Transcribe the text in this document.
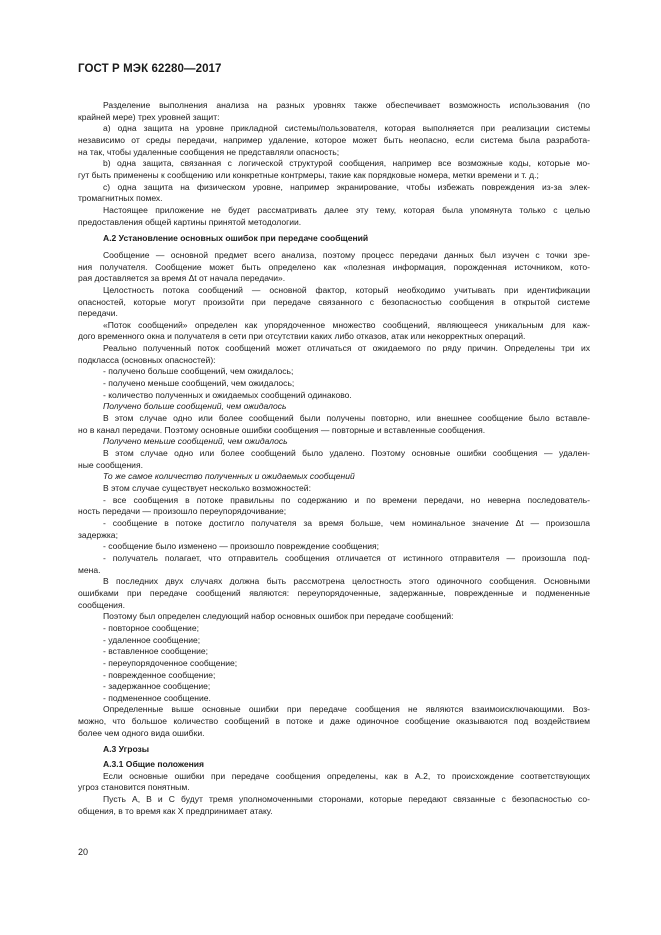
ГОСТ Р МЭК 62280—2017

Разделение выполнения анализа на разных уровнях также обеспечивает возможность использования (по

крайней мере) трех уровней защит:

a) одна защита на уровне прикладной системы/пользователя, которая выполняется при реализации системы

независимо от среды передачи, например удаление, которое может быть неопасно, если система была разработа-

на так, чтобы удаленные сообщения не представляли опасность;

b) одна защита, связанная с логической структурой сообщения, например все возможные коды, которые мо-

гут быть применены к сообщению или конкретные контрмеры, такие как порядковые номера, метки времени и т. д.;

c) одна защита на физическом уровне, например экранирование, чтобы избежать повреждения из-за элек-

тромагнитных помех.

Настоящее приложение не будет рассматривать далее эту тему, которая была упомянута только с целью

предоставления общей картины принятой методологии.

А.2 Установление основных ошибок при передаче сообщений

Сообщение — основной предмет всего анализа, поэтому процесс передачи данных был изучен с точки зре-

ния получателя. Сообщение может быть определено как «полезная информация, порожденная источником, кото-

рая доставляется за время Δt от начала передачи».

Целостность потока сообщений — основной фактор, который необходимо учитывать при идентификации

опасностей, которые могут произойти при передаче связанного с безопасностью сообщения в открытой системе

передачи.

«Поток сообщений» определен как упорядоченное множество сообщений, являющееся уникальным для каж-

дого временного окна и получателя в сети при отсутствии каких либо отказов, атак или некорректных операций.

Реально полученный поток сообщений может отличаться от ожидаемого по ряду причин. Определены три их

подкласса (основных опасностей):

- получено больше сообщений, чем ожидалось;

- получено меньше сообщений, чем ожидалось;

- количество полученных и ожидаемых сообщений одинаково.

Получено больше сообщений, чем ожидалось

В этом случае одно или более сообщений были получены повторно, или внешнее сообщение было вставле-

но в канал передачи. Поэтому основные ошибки сообщения — повторные и вставленные сообщения.

Получено меньше сообщений, чем ожидалось

В этом случае одно или более сообщений было удалено. Поэтому основные ошибки сообщения — удален-

ные сообщения.

То же самое количество полученных и ожидаемых сообщений

В этом случае существует несколько возможностей:

- все сообщения в потоке правильны по содержанию и по времени передачи, но неверна последователь-

ность передачи — произошло переупорядочивание;

- сообщение в потоке достигло получателя за время больше, чем номинальное значение Δt — произошла

задержка;

- сообщение было изменено — произошло повреждение сообщения;

- получатель полагает, что отправитель сообщения отличается от истинного отправителя — произошла под-

мена.

В последних двух случаях должна быть рассмотрена целостность этого одиночного сообщения. Основными

ошибками при передаче сообщений являются: переупорядоченные, задержанные, поврежденные и подмененные

сообщения.

Поэтому был определен следующий набор основных ошибок при передаче сообщений:

- повторное сообщение;

- удаленное сообщение;

- вставленное сообщение;

- переупорядоченное сообщение;

- поврежденное сообщение;

- задержанное сообщение;

- подмененное сообщение.

Определенные выше основные ошибки при передаче сообщения не являются взаимоисключающими. Воз-

можно, что большое количество сообщений в потоке и даже одиночное сообщение оказываются под воздействием

более чем одного вида ошибки.

А.3 Угрозы

А.3.1 Общие положения

Если основные ошибки при передаче сообщения определены, как в А.2, то происхождение соответствующих

угроз становится понятным.

Пусть А, В и С будут тремя уполномоченными сторонами, которые передают связанные с безопасностью со-

общения, в то время как X предпринимает атаку.

20
